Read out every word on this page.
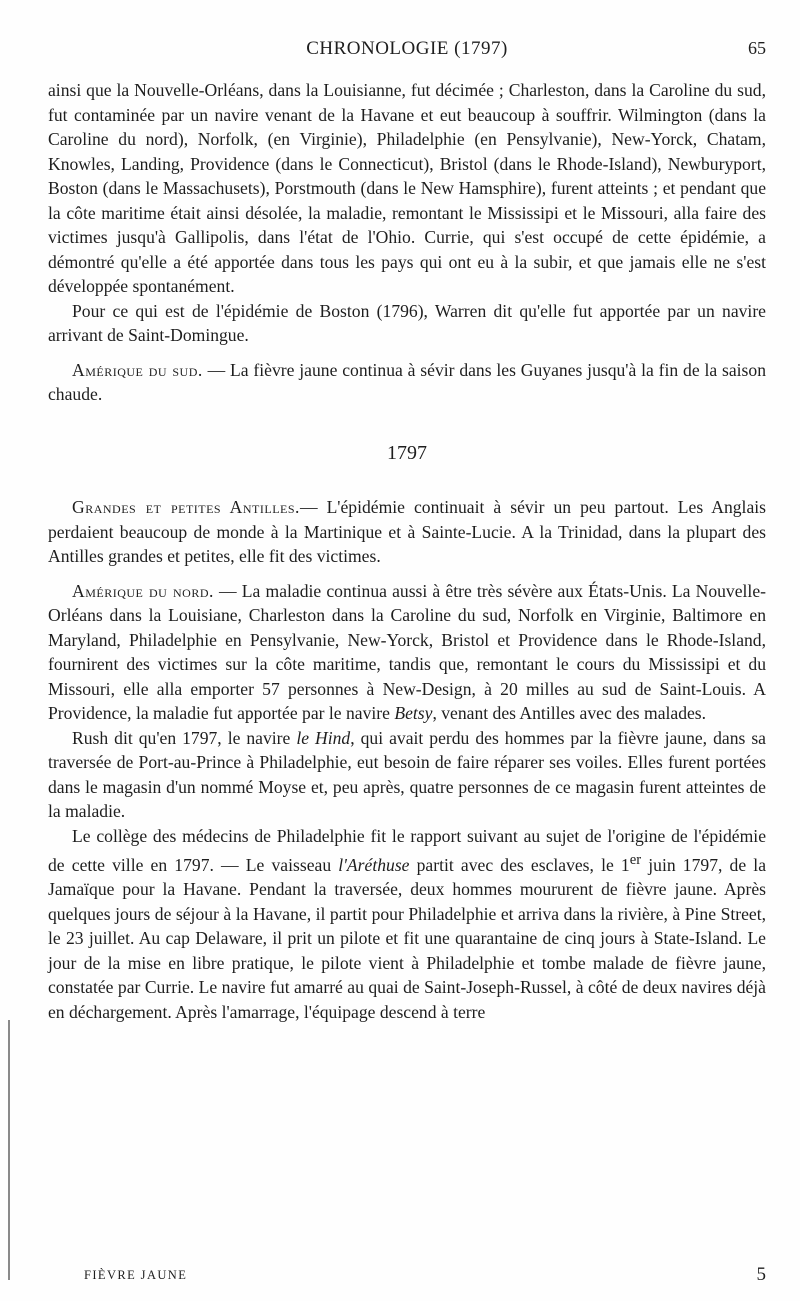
CHRONOLOGIE (1797)	65

ainsi que la Nouvelle-Orléans, dans la Louisianne, fut décimée ; Charleston, dans la Caroline du sud, fut contaminée par un navire venant de la Havane et eut beaucoup à souffrir. Wilmington (dans la Caroline du nord), Norfolk, (en Virginie), Philadelphie (en Pensylvanie), New-Yorck, Chatam, Knowles, Landing, Providence (dans le Connecticut), Bristol (dans le Rhode-Island), Newburyport, Boston (dans le Massachusets), Porstmouth (dans le New Hamsphire), furent atteints ; et pendant que la côte maritime était ainsi désolée, la maladie, remontant le Mississipi et le Missouri, alla faire des victimes jusqu'à Gallipolis, dans l'état de l'Ohio. Currie, qui s'est occupé de cette épidémie, a démontré qu'elle a été apportée dans tous les pays qui ont eu à la subir, et que jamais elle ne s'est développée spontanément.

Pour ce qui est de l'épidémie de Boston (1796), Warren dit qu'elle fut apportée par un navire arrivant de Saint-Domingue.

Amérique du sud. — La fièvre jaune continua à sévir dans les Guyanes jusqu'à la fin de la saison chaude.

1797

Grandes et petites Antilles.— L'épidémie continuait à sévir un peu partout. Les Anglais perdaient beaucoup de monde à la Martinique et à Sainte-Lucie. A la Trinidad, dans la plupart des Antilles grandes et petites, elle fit des victimes.

Amérique du nord. — La maladie continua aussi à être très sévère aux États-Unis. La Nouvelle-Orléans dans la Louisiane, Charleston dans la Caroline du sud, Norfolk en Virginie, Baltimore en Maryland, Philadelphie en Pensylvanie, New-Yorck, Bristol et Providence dans le Rhode-Island, fournirent des victimes sur la côte maritime, tandis que, remontant le cours du Mississipi et du Missouri, elle alla emporter 57 personnes à New-Design, à 20 milles au sud de Saint-Louis. A Providence, la maladie fut apportée par le navire Betsy, venant des Antilles avec des malades.

Rush dit qu'en 1797, le navire le Hind, qui avait perdu des hommes par la fièvre jaune, dans sa traversée de Port-au-Prince à Philadelphie, eut besoin de faire réparer ses voiles. Elles furent portées dans le magasin d'un nommé Moyse et, peu après, quatre personnes de ce magasin furent atteintes de la maladie.

Le collège des médecins de Philadelphie fit le rapport suivant au sujet de l'origine de l'épidémie de cette ville en 1797. — Le vaisseau l'Aréthuse partit avec des esclaves, le 1er juin 1797, de la Jamaïque pour la Havane. Pendant la traversée, deux hommes moururent de fièvre jaune. Après quelques jours de séjour à la Havane, il partit pour Philadelphie et arriva dans la rivière, à Pine Street, le 23 juillet. Au cap Delaware, il prit un pilote et fit une quarantaine de cinq jours à State-Island. Le jour de la mise en libre pratique, le pilote vient à Philadelphie et tombe malade de fièvre jaune, constatée par Currie. Le navire fut amarré au quai de Saint-Joseph-Russel, à côté de deux navires déjà en déchargement. Après l'amarrage, l'équipage descend à terre

FIÈVRE JAUNE	5
